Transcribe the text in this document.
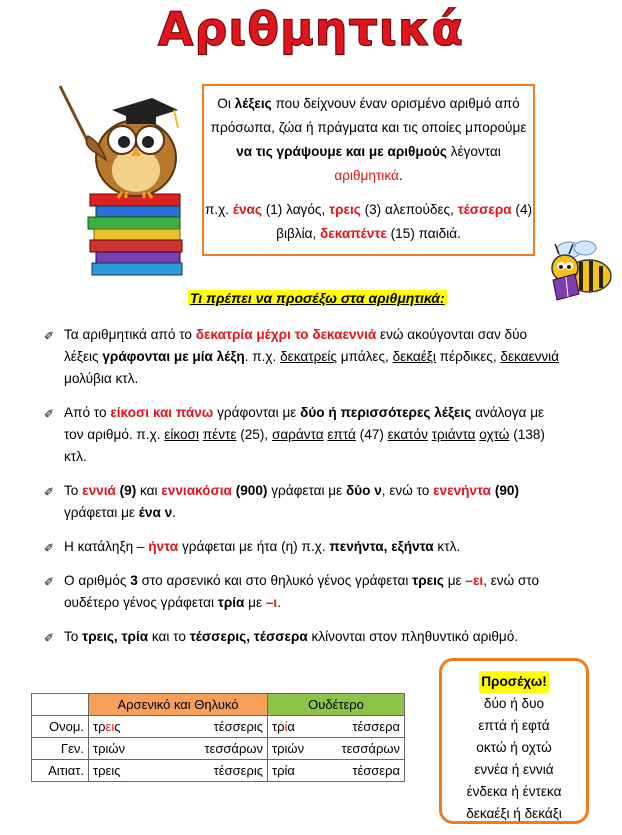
Αριθμητικά

Οι λέξεις που δείχνουν έναν ορισμένο αριθμό από πρόσωπα, ζώα ή πράγματα και τις οποίες μπορούμε να τις γράψουμε και με αριθμούς λέγονται αριθμητικά.

π.χ. ένας (1) λαγός, τρεις (3) αλεπούδες, τέσσερα (4) βιβλία, δεκαπέντε (15) παιδιά.

Τι πρέπει να προσέξω στα αριθμητικά:
✐ Τα αριθμητικά από το δεκατρία μέχρι το δεκαεννιά ενώ ακούγονται σαν δύο λέξεις γράφονται με μία λέξη. π.χ. δεκατρείς μπάλες, δεκαέξι πέρδικες, δεκαεννιά μολύβια κτλ.
✐ Από το είκοσι και πάνω γράφονται με δύο ή περισσότερες λέξεις ανάλογα με τον αριθμό. π.χ. είκοσι πέντε (25), σαράντα επτά (47) εκατόν τριάντα οχτώ (138) κτλ.
✐ Το εννιά (9) και εννιακόσια (900) γράφεται με δύο ν, ενώ το ενενήντα (90) γράφεται με ένα ν.
✐ Η κατάληξη – ήντα γράφεται με ήτα (η) π.χ. πενήντα, εξήντα κτλ.
✐ Ο αριθμός 3 στο αρσενικό και στο θηλυκό γένος γράφεται τρεις με –ει, ενώ στο ουδέτερο γένος γράφεται τρία με –ι.
✐ Το τρεις, τρία και το τέσσερις, τέσσερα κλίνονται στον πληθυντικό αριθμό.
	Αρσενικό και Θηλυκό	Ουδέτερο
Ονομ.	τρεις τέσσερις	τρία τέσσερα

Γεν.	τριών τεσσάρων	τριών τεσσάρων

Αιτιατ.	τρεις τέσσερις	τρία τέσσερα
Προσέχω!
δύο ή δυο
επτά ή εφτά
οκτώ ή οχτώ
εννέα ή εννιά
ένδεκα ή έντεκα
δεκαέξι ή δεκάξι
